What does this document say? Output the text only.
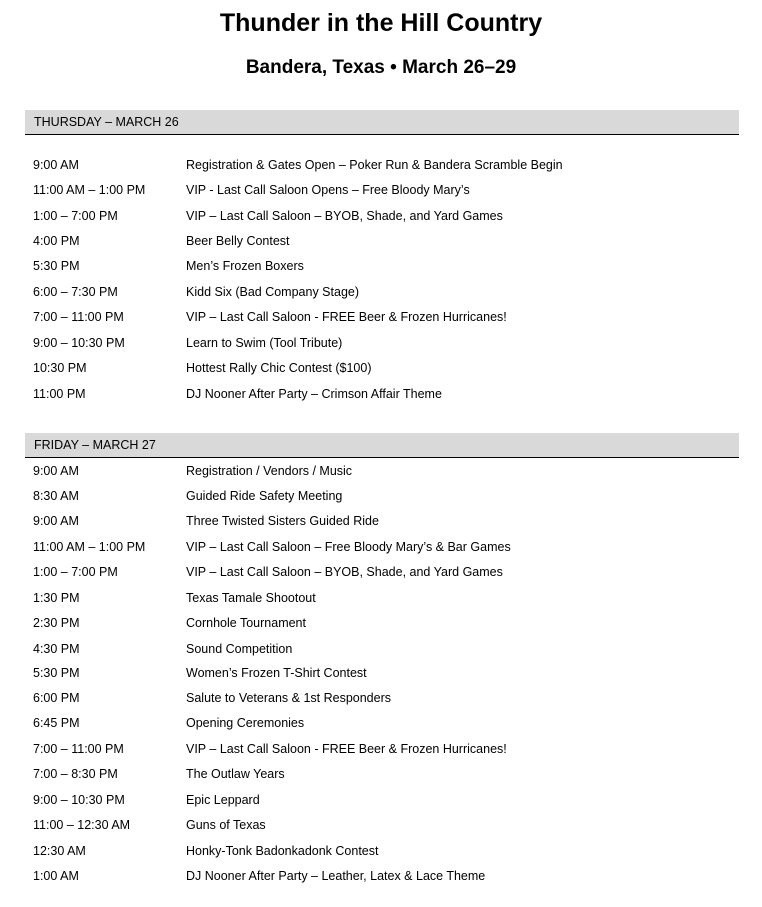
Thunder in the Hill Country
Bandera, Texas • March 26–29
THURSDAY – MARCH 26
9:00 AM	Registration & Gates Open – Poker Run & Bandera Scramble Begin
11:00 AM – 1:00 PM	VIP - Last Call Saloon Opens – Free Bloody Mary’s
1:00 – 7:00 PM	VIP – Last Call Saloon – BYOB, Shade, and Yard Games
4:00 PM	Beer Belly Contest
5:30 PM	Men’s Frozen Boxers
6:00 – 7:30 PM	Kidd Six (Bad Company Stage)
7:00 – 11:00 PM	VIP – Last Call Saloon - FREE Beer & Frozen Hurricanes!
9:00 – 10:30 PM	Learn to Swim (Tool Tribute)
10:30 PM	Hottest Rally Chic Contest ($100)
11:00 PM	DJ Nooner After Party – Crimson Affair Theme
FRIDAY – MARCH 27
9:00 AM	Registration / Vendors / Music
8:30 AM	Guided Ride Safety Meeting
9:00 AM	Three Twisted Sisters Guided Ride
11:00 AM – 1:00 PM	VIP – Last Call Saloon – Free Bloody Mary’s & Bar Games
1:00 – 7:00 PM	VIP – Last Call Saloon – BYOB, Shade, and Yard Games
1:30 PM	Texas Tamale Shootout
2:30 PM	Cornhole Tournament
4:30 PM	Sound Competition
5:30 PM	Women’s Frozen T-Shirt Contest
6:00 PM	Salute to Veterans & 1st Responders
6:45 PM	Opening Ceremonies
7:00 – 11:00 PM	VIP – Last Call Saloon - FREE Beer & Frozen Hurricanes!
7:00 – 8:30 PM	The Outlaw Years
9:00 – 10:30 PM	Epic Leppard
11:00 – 12:30 AM	Guns of Texas
12:30 AM	Honky-Tonk Badonkadonk Contest
1:00 AM	DJ Nooner After Party – Leather, Latex & Lace Theme
